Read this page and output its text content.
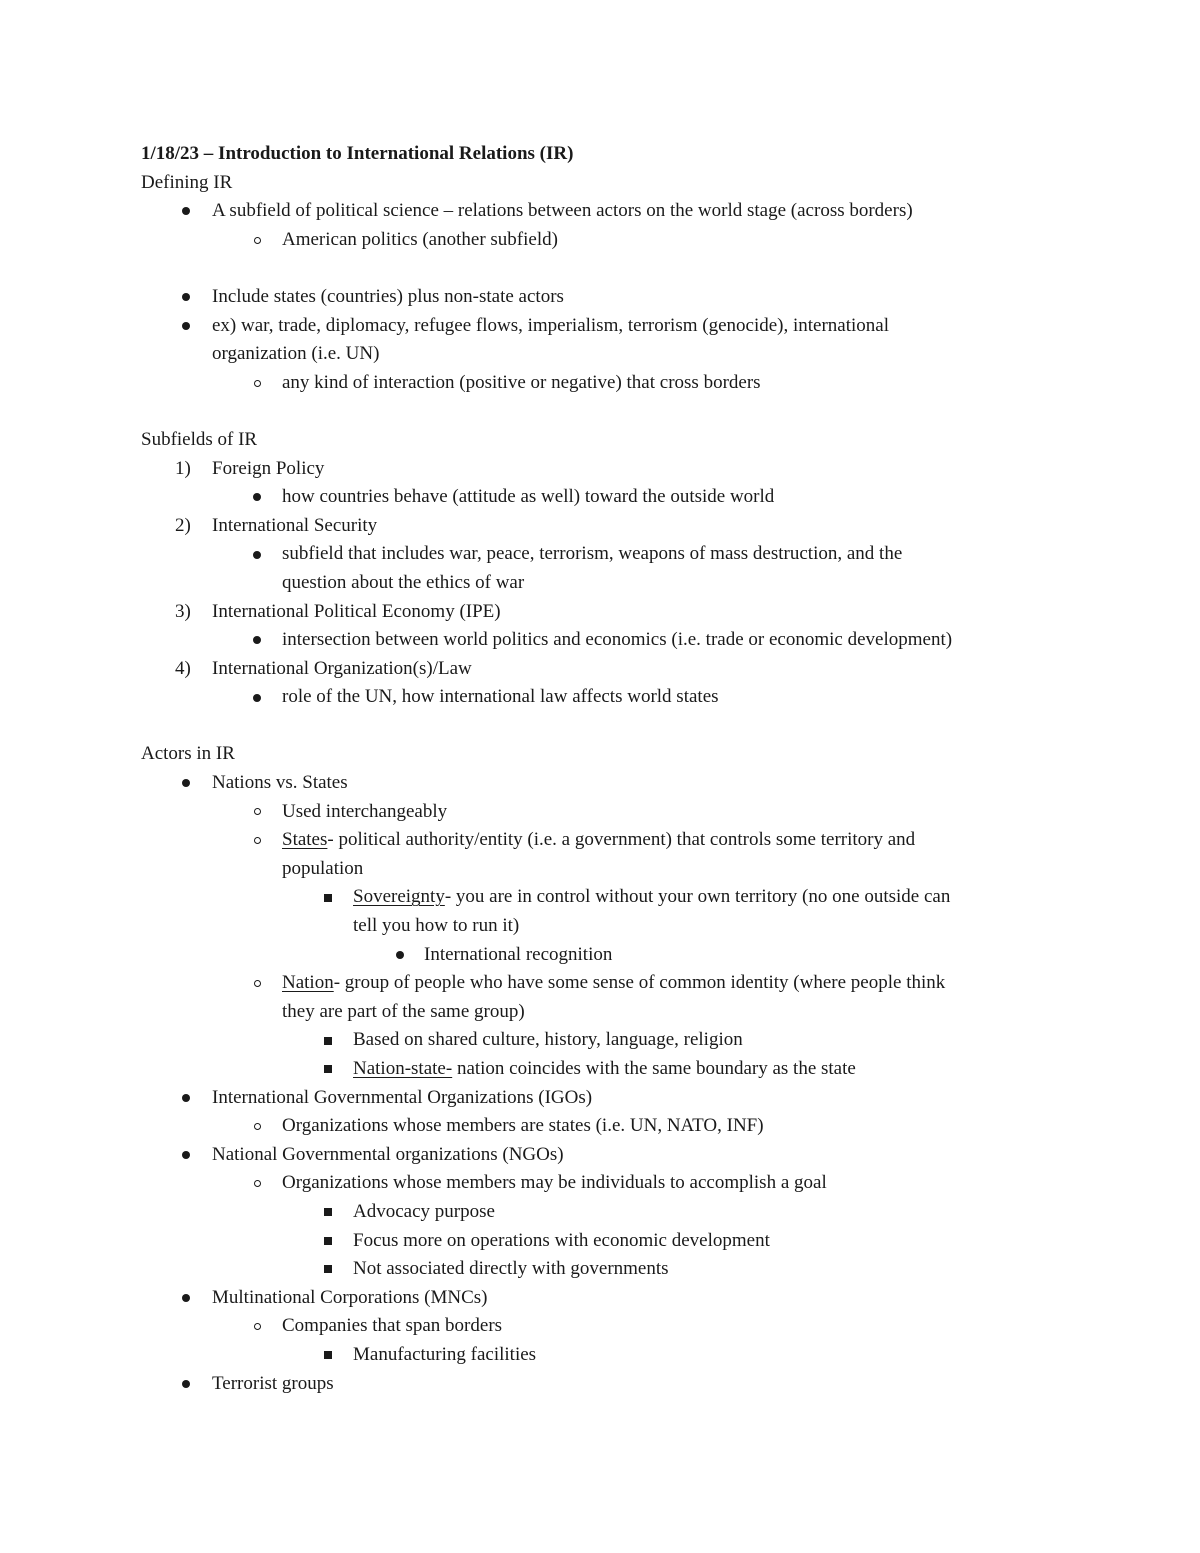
1/18/23 – Introduction to International Relations (IR)
Defining IR
A subfield of political science – relations between actors on the world stage (across borders)
American politics (another subfield)
Include states (countries) plus non-state actors
ex) war, trade, diplomacy, refugee flows, imperialism, terrorism (genocide), international
organization (i.e. UN)
any kind of interaction (positive or negative) that cross borders
Subfields of IR
1) Foreign Policy
how countries behave (attitude as well) toward the outside world
2) International Security
subfield that includes war, peace, terrorism, weapons of mass destruction, and the
question about the ethics of war
3) International Political Economy (IPE)
intersection between world politics and economics (i.e. trade or economic development)
4) International Organization(s)/Law
role of the UN, how international law affects world states
Actors in IR
Nations vs. States
Used interchangeably
States- political authority/entity (i.e. a government) that controls some territory and
population
Sovereignty- you are in control without your own territory (no one outside can
tell you how to run it)
International recognition
Nation- group of people who have some sense of common identity (where people think
they are part of the same group)
Based on shared culture, history, language, religion
Nation-state- nation coincides with the same boundary as the state
International Governmental Organizations (IGOs)
Organizations whose members are states (i.e. UN, NATO, INF)
National Governmental organizations (NGOs)
Organizations whose members may be individuals to accomplish a goal
Advocacy purpose
Focus more on operations with economic development
Not associated directly with governments
Multinational Corporations (MNCs)
Companies that span borders
Manufacturing facilities
Terrorist groups
